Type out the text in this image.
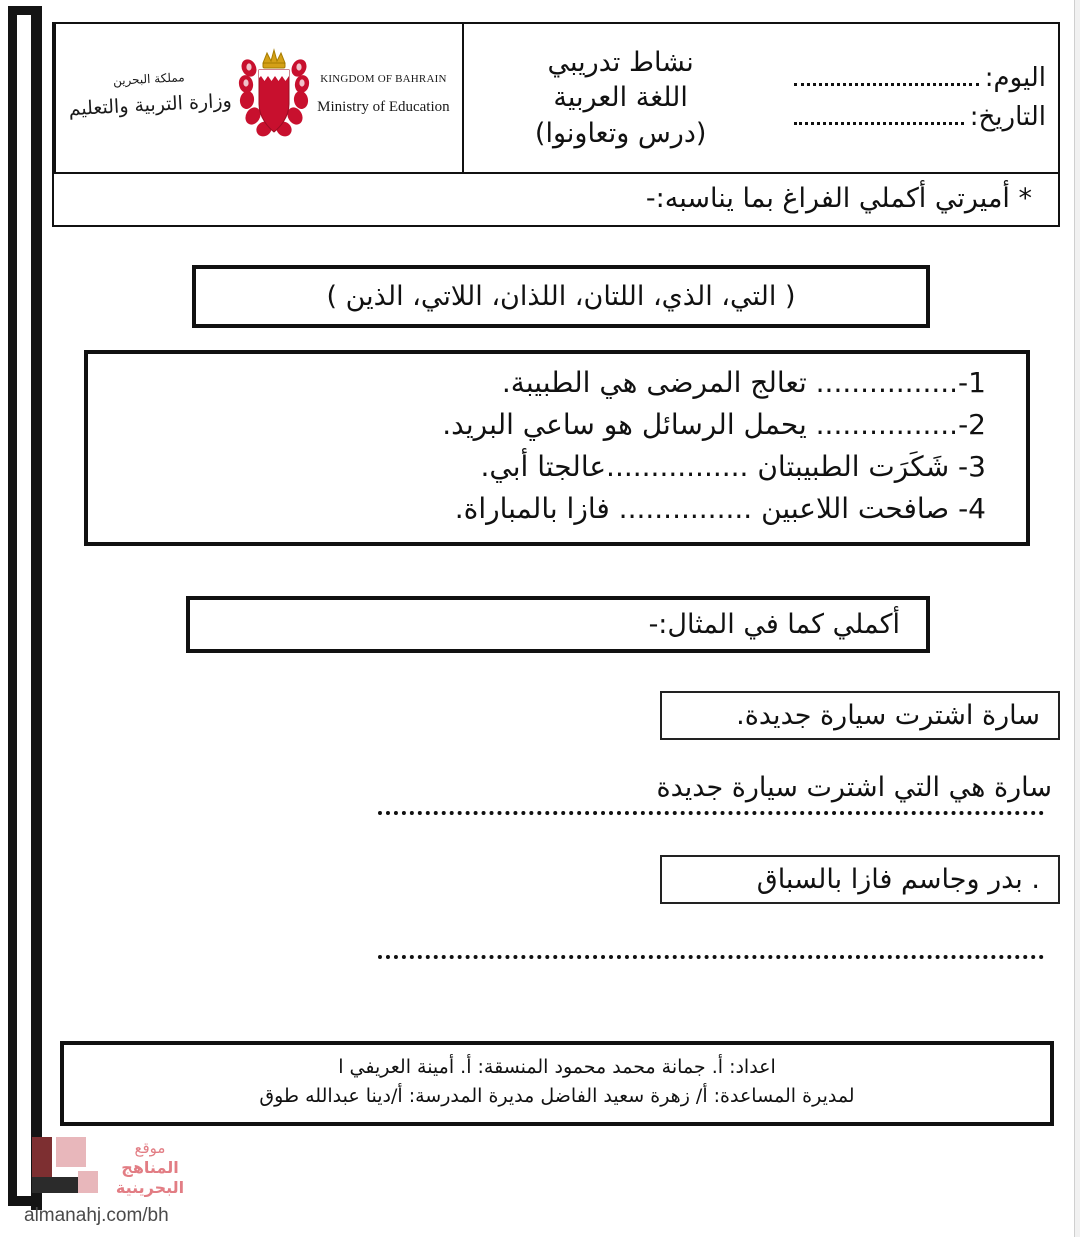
اليوم:
التاريخ:
نشاط تدريبي
اللغة العربية
(درس وتعاونوا)
KINGDOM OF BAHRAIN
Ministry of Education
مملكة البحرين
وزارة التربية والتعليم
* أميرتي أكملي الفراغ بما يناسبه:-
( التي، الذي، اللتان، اللذان، اللاتي، الذين )
1-................ تعالج المرضى هي الطبيبة.
2-................ يحمل الرسائل هو ساعي البريد.
3- شَكَرَت الطبيبتان ................عالجتا أبي.
4- صافحت اللاعبين ............... فازا بالمباراة.
أكملي كما في المثال:-
سارة اشترت سيارة جديدة.
سارة هي التي اشترت سيارة جديدة
. بدر وجاسم فازا بالسباق
اعداد: أ. جمانة محمد محمود المنسقة: أ. أمينة العريفي ا
لمديرة المساعدة: أ/ زهرة سعيد الفاضل مديرة المدرسة: أ/دينا عبدالله طوق
موقع
المناهج البحرينية
almanahj.com/bh
